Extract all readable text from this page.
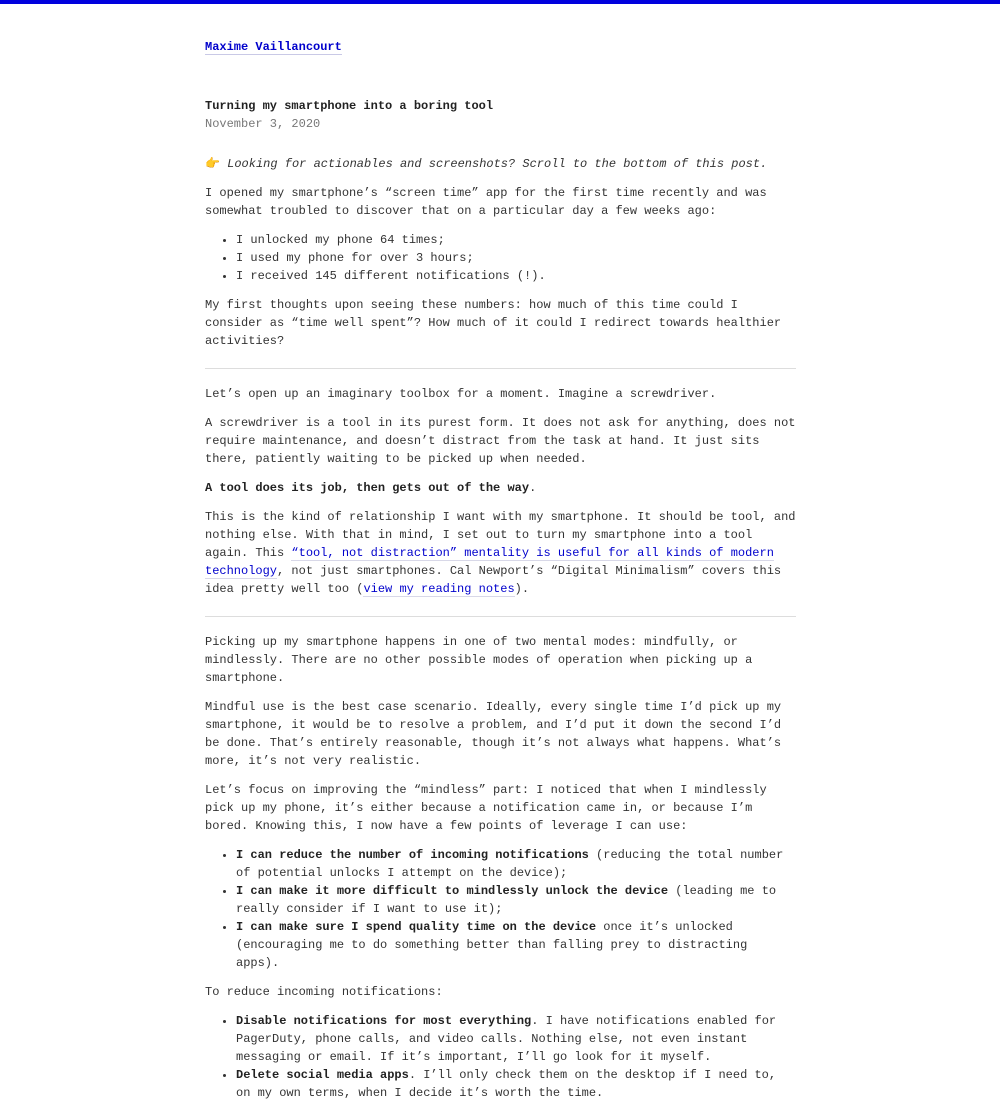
Maxime Vaillancourt
Turning my smartphone into a boring tool

November 3, 2020

👉 Looking for actionables and screenshots? Scroll to the bottom of this post.

I opened my smartphone’s “screen time” app for the first time recently and was somewhat troubled to discover that on a particular day a few weeks ago:

• I unlocked my phone 64 times;
• I used my phone for over 3 hours;
• I received 145 different notifications (!).

My first thoughts upon seeing these numbers: how much of this time could I consider as “time well spent”? How much of it could I redirect towards healthier activities?

Let’s open up an imaginary toolbox for a moment. Imagine a screwdriver.

A screwdriver is a tool in its purest form. It does not ask for anything, does not require maintenance, and doesn’t distract from the task at hand. It just sits there, patiently waiting to be picked up when needed.

A tool does its job, then gets out of the way.

This is the kind of relationship I want with my smartphone. It should be tool, and nothing else. With that in mind, I set out to turn my smartphone into a tool again. This “tool, not distraction” mentality is useful for all kinds of modern technology, not just smartphones. Cal Newport’s “Digital Minimalism” covers this idea pretty well too (view my reading notes).

Picking up my smartphone happens in one of two mental modes: mindfully, or mindlessly. There are no other possible modes of operation when picking up a smartphone.

Mindful use is the best case scenario. Ideally, every single time I’d pick up my smartphone, it would be to resolve a problem, and I’d put it down the second I’d be done. That’s entirely reasonable, though it’s not always what happens. What’s more, it’s not very realistic.

Let’s focus on improving the “mindless” part: I noticed that when I mindlessly pick up my phone, it’s either because a notification came in, or because I’m bored. Knowing this, I now have a few points of leverage I can use:

• I can reduce the number of incoming notifications (reducing the total number of potential unlocks I attempt on the device);
• I can make it more difficult to mindlessly unlock the device (leading me to really consider if I want to use it);
• I can make sure I spend quality time on the device once it’s unlocked (encouraging me to do something better than falling prey to distracting apps).

To reduce incoming notifications:

• Disable notifications for most everything. I have notifications enabled for PagerDuty, phone calls, and video calls. Nothing else, not even instant messaging or email. If it’s important, I’ll go look for it myself.
• Delete social media apps. I’ll only check them on the desktop if I need to, on my own terms, when I decide it’s worth the time.
